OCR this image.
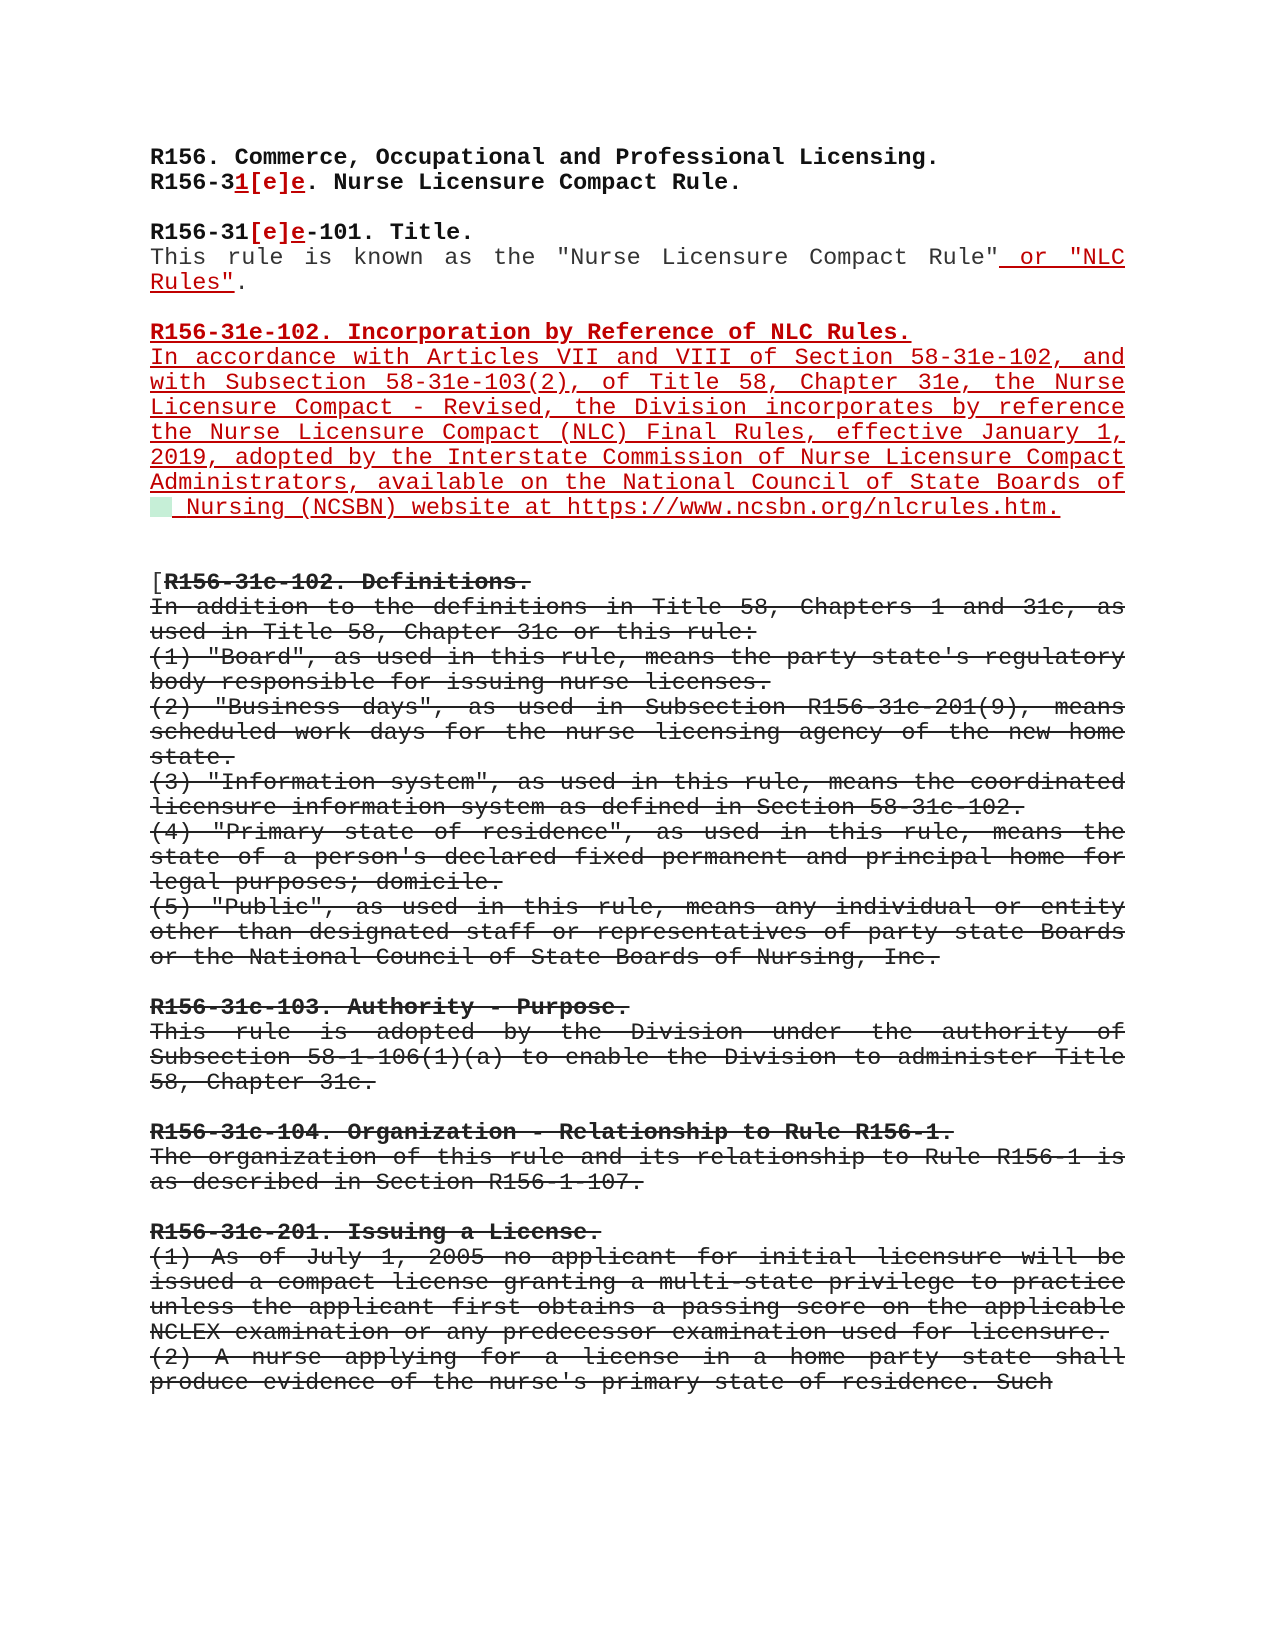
R156. Commerce, Occupational and Professional Licensing.

R156-31[e]e. Nurse Licensure Compact Rule.

R156-31[e]e-101. Title.

This rule is known as the "Nurse Licensure Compact Rule" or "NLC Rules".

R156-31e-102. Incorporation by Reference of NLC Rules.

In accordance with Articles VII and VIII of Section 58-31e-102, and with Subsection 58-31e-103(2), of Title 58, Chapter 31e, the Nurse Licensure Compact - Revised, the Division incorporates by reference the Nurse Licensure Compact (NLC) Final Rules, effective January 1, 2019, adopted by the Interstate Commission of Nurse Licensure Compact Administrators, available on the National Council of State Boards of  Nursing (NCSBN) website at https://www.ncsbn.org/nlcrules.htm.

[R156-31c-102. Definitions.

In addition to the definitions in Title 58, Chapters 1 and 31c, as used in Title 58, Chapter 31c or this rule:

(1) "Board", as used in this rule, means the party state's regulatory body responsible for issuing nurse licenses.

(2) "Business days", as used in Subsection R156-31c-201(9), means scheduled work days for the nurse licensing agency of the new home state.

(3) "Information system", as used in this rule, means the coordinated licensure information system as defined in Section 58-31c-102.

(4) "Primary state of residence", as used in this rule, means the state of a person's declared fixed permanent and principal home for legal purposes; domicile.

(5) "Public", as used in this rule, means any individual or entity other than designated staff or representatives of party state Boards or the National Council of State Boards of Nursing, Inc.

R156-31c-103. Authority - Purpose.

This rule is adopted by the Division under the authority of Subsection 58-1-106(1)(a) to enable the Division to administer Title 58, Chapter 31c.

R156-31c-104. Organization - Relationship to Rule R156-1.

The organization of this rule and its relationship to Rule R156-1 is as described in Section R156-1-107.

R156-31c-201. Issuing a License.

(1) As of July 1, 2005 no applicant for initial licensure will be issued a compact license granting a multi-state privilege to practice unless the applicant first obtains a passing score on the applicable NCLEX examination or any predecessor examination used for licensure.

(2) A nurse applying for a license in a home party state shall produce evidence of the nurse's primary state of residence. Such
